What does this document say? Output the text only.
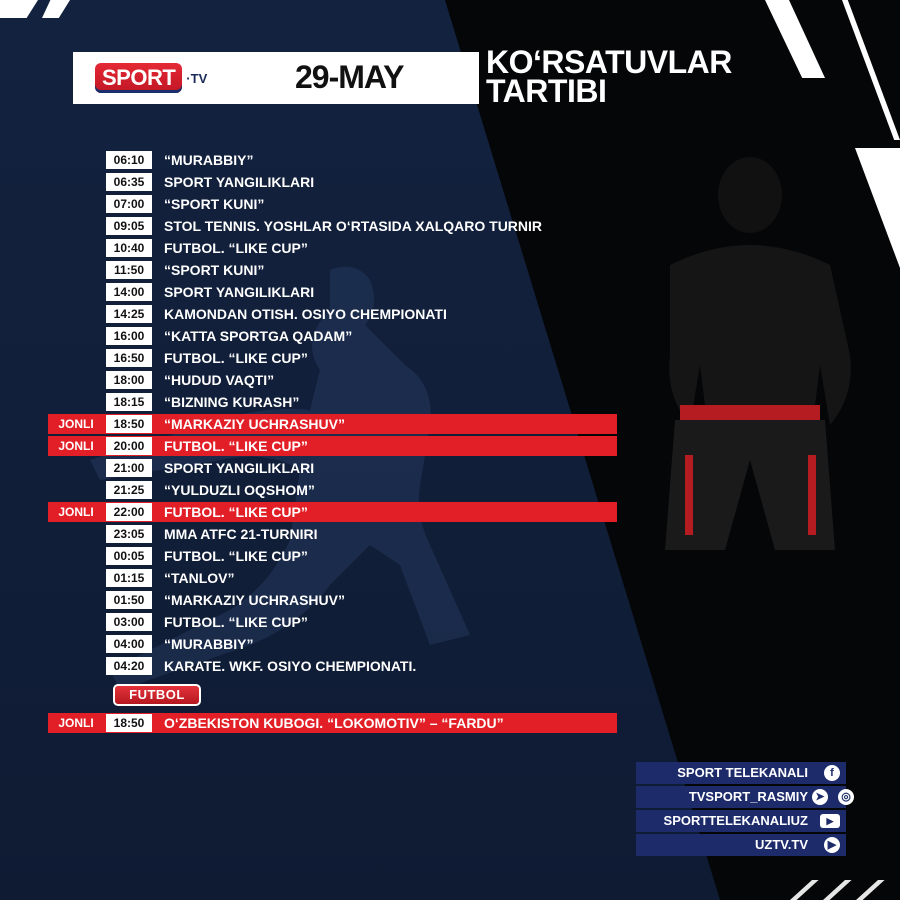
SPORT ·TV	29-MAY	KO‘RSATUVLAR
TARTIBI
06:10	“MURABBIY”
06:35	SPORT YANGILIKLARI
07:00	“SPORT KUNI”
09:05	STOL TENNIS. YOSHLAR O‘RTASIDA XALQARO TURNIR
10:40	FUTBOL. “LIKE CUP”
11:50	“SPORT KUNI”
14:00	SPORT YANGILIKLARI
14:25	KAMONDAN OTISH. OSIYO CHEMPIONATI
16:00	“KATTA SPORTGA QADAM”
16:50	FUTBOL. “LIKE CUP”
18:00	“HUDUD VAQTI”
18:15	“BIZNING KURASH”
JONLI	18:50	“MARKAZIY UCHRASHUV”
JONLI	20:00	FUTBOL. “LIKE CUP”
21:00	SPORT YANGILIKLARI
21:25	“YULDUZLI OQSHOM”
JONLI	22:00	FUTBOL. “LIKE CUP”
23:05	MMA ATFC 21-TURNIRI
00:05	FUTBOL. “LIKE CUP”
01:15	“TANLOV”
01:50	“MARKAZIY UCHRASHUV”
03:00	FUTBOL. “LIKE CUP”
04:00	“MURABBIY”
04:20	KARATE. WKF. OSIYO CHEMPIONATI.
FUTBOL
JONLI	18:50	O‘ZBEKISTON KUBOGI. “LOKOMOTIV” – “FARDU”
SPORT TELEKANALI	f
TVSPORT_RASMIY ➤	◎
SPORTTELEKANALIUZ	▶
UZTV.TV	▶
